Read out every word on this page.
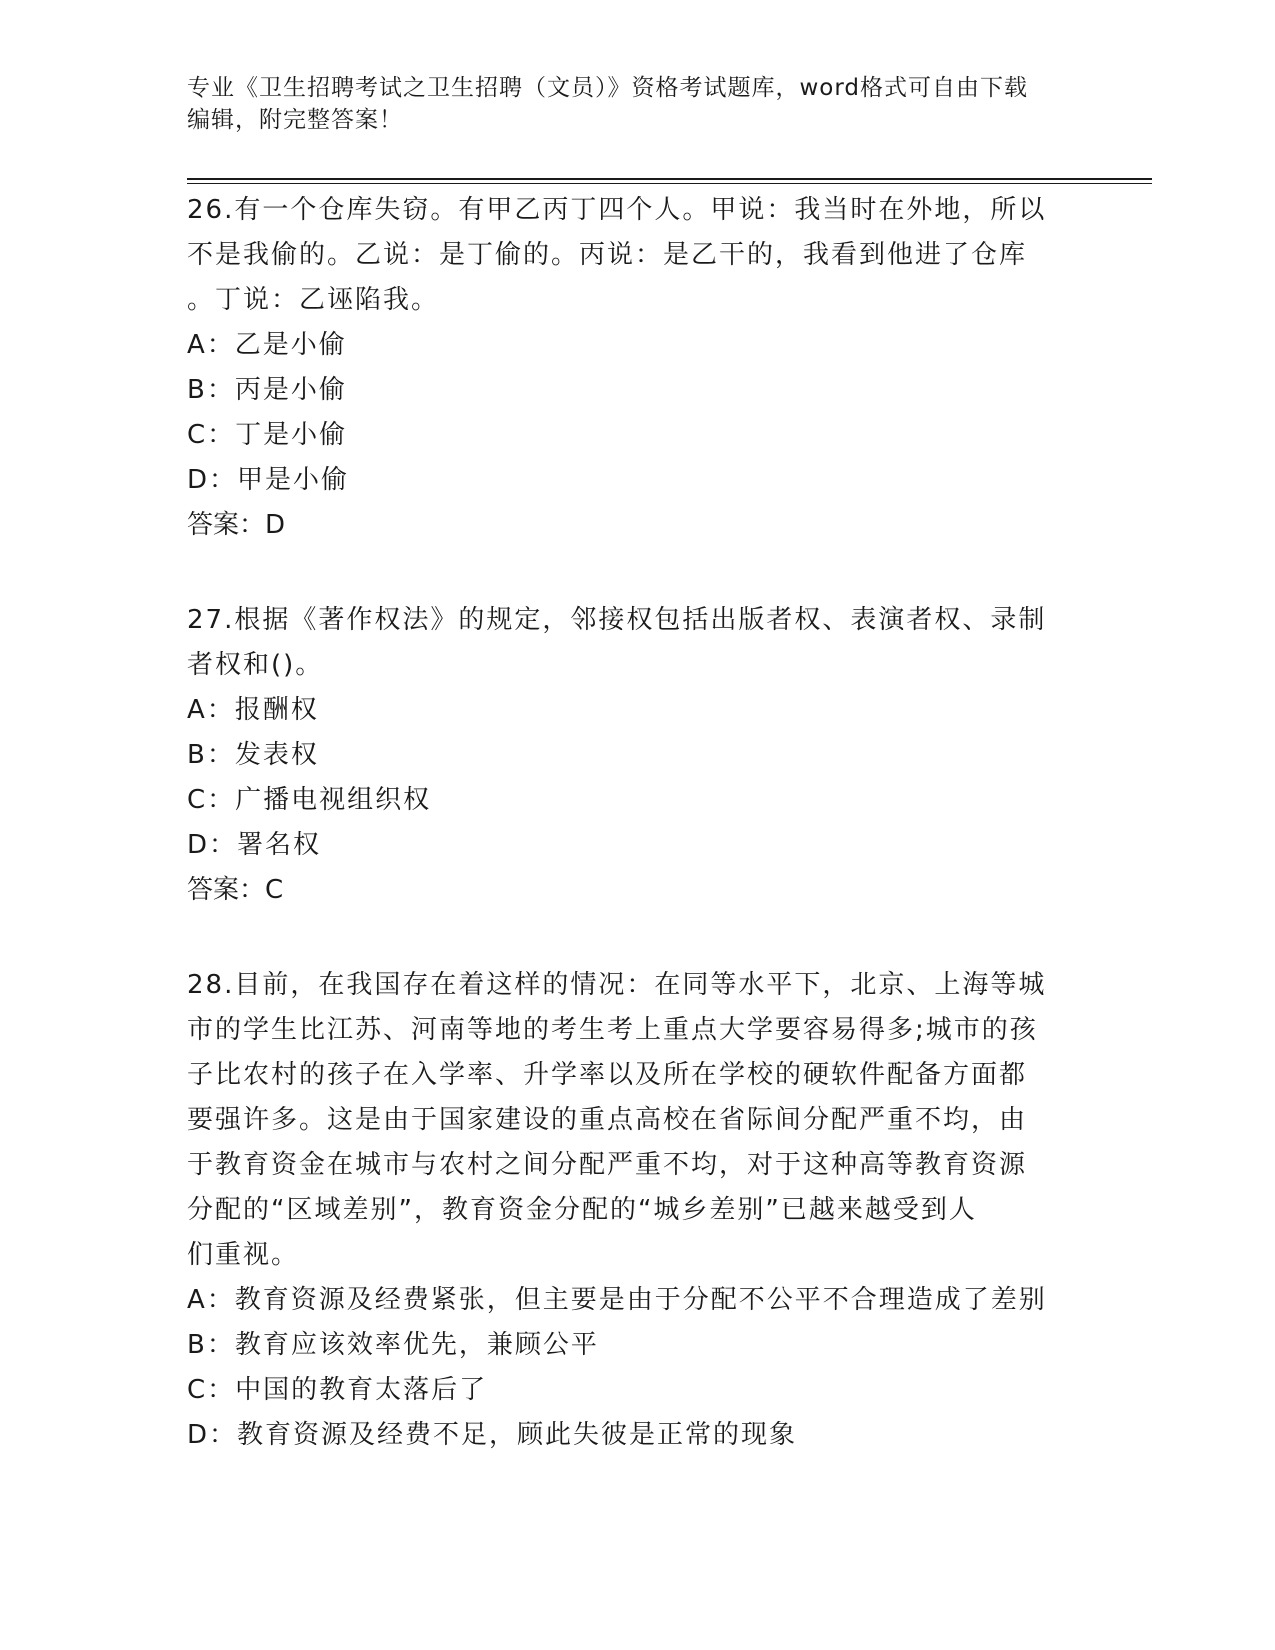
专业《卫生招聘考试之卫生招聘（文员）》资格考试题库，word格式可自由下载
编辑，附完整答案！
26.有一个仓库失窃。有甲乙丙丁四个人。甲说：我当时在外地，所以
不是我偷的。乙说：是丁偷的。丙说：是乙干的，我看到他进了仓库
。丁说：乙诬陷我。
A：乙是小偷
B：丙是小偷
C：丁是小偷
D：甲是小偷
答案：D
27.根据《著作权法》的规定，邻接权包括出版者权、表演者权、录制
者权和()。
A：报酬权
B：发表权
C：广播电视组织权
D：署名权
答案：C
28.目前，在我国存在着这样的情况：在同等水平下，北京、上海等城
市的学生比江苏、河南等地的考生考上重点大学要容易得多;城市的孩
子比农村的孩子在入学率、升学率以及所在学校的硬软件配备方面都
要强许多。这是由于国家建设的重点高校在省际间分配严重不均，由
于教育资金在城市与农村之间分配严重不均，对于这种高等教育资源
分配的“区域差别”，教育资金分配的“城乡差别”已越来越受到人
们重视。
A：教育资源及经费紧张，但主要是由于分配不公平不合理造成了差别
B：教育应该效率优先，兼顾公平
C：中国的教育太落后了
D：教育资源及经费不足，顾此失彼是正常的现象
